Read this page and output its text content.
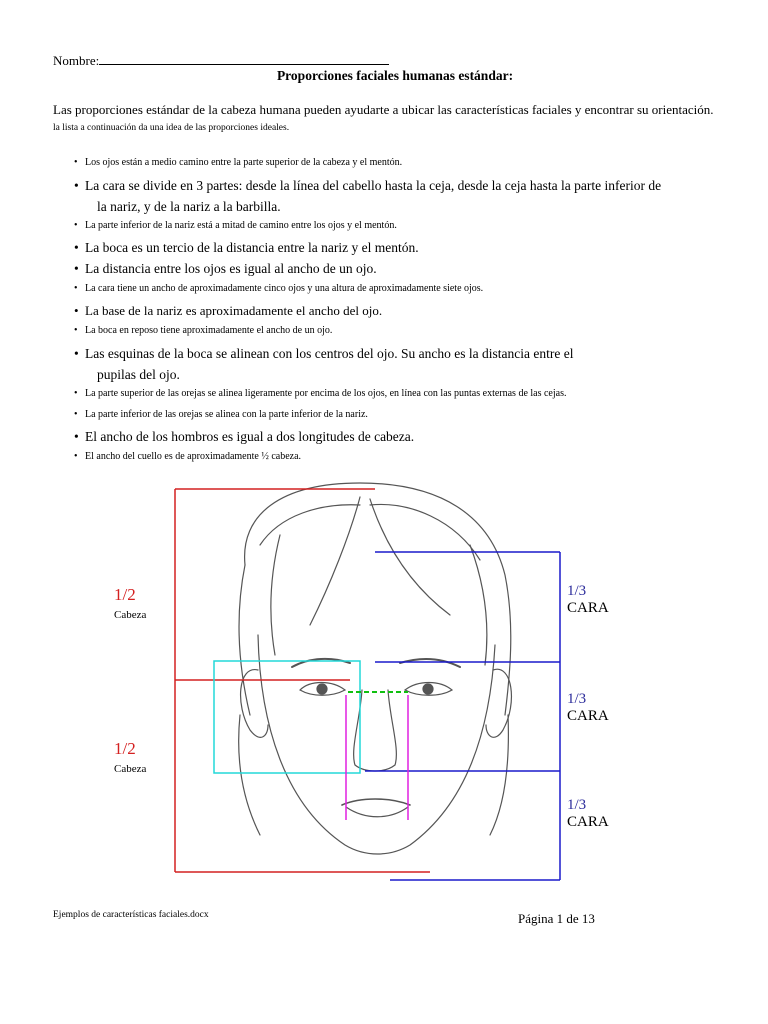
Nombre:
Proporciones faciales humanas estándar:
Las proporciones estándar de la cabeza humana pueden ayudarte a ubicar las características faciales y encontrar su orientación.
la lista a continuación da una idea de las proporciones ideales.
• Los ojos están a medio camino entre la parte superior de la cabeza y el mentón.
• La cara se divide en 3 partes: desde la línea del cabello hasta la ceja, desde la ceja hasta la parte inferior de
la nariz, y de la nariz a la barbilla.
• La parte inferior de la nariz está a mitad de camino entre los ojos y el mentón.
• La boca es un tercio de la distancia entre la nariz y el mentón.
• La distancia entre los ojos es igual al ancho de un ojo.
• La cara tiene un ancho de aproximadamente cinco ojos y una altura de aproximadamente siete ojos.
• La base de la nariz es aproximadamente el ancho del ojo.
• La boca en reposo tiene aproximadamente el ancho de un ojo.
• Las esquinas de la boca se alinean con los centros del ojo. Su ancho es la distancia entre el
pupilas del ojo.
• La parte superior de las orejas se alinea ligeramente por encima de los ojos, en línea con las puntas externas de las cejas.
• La parte inferior de las orejas se alinea con la parte inferior de la nariz.
• El ancho de los hombros es igual a dos longitudes de cabeza.
• El ancho del cuello es de aproximadamente ½ cabeza.
1/2
Cabeza
1/2
Cabeza
1/3
CARA
1/3
CARA
1/3
CARA
Ejemplos de características faciales.docx	Página 1 de 13
